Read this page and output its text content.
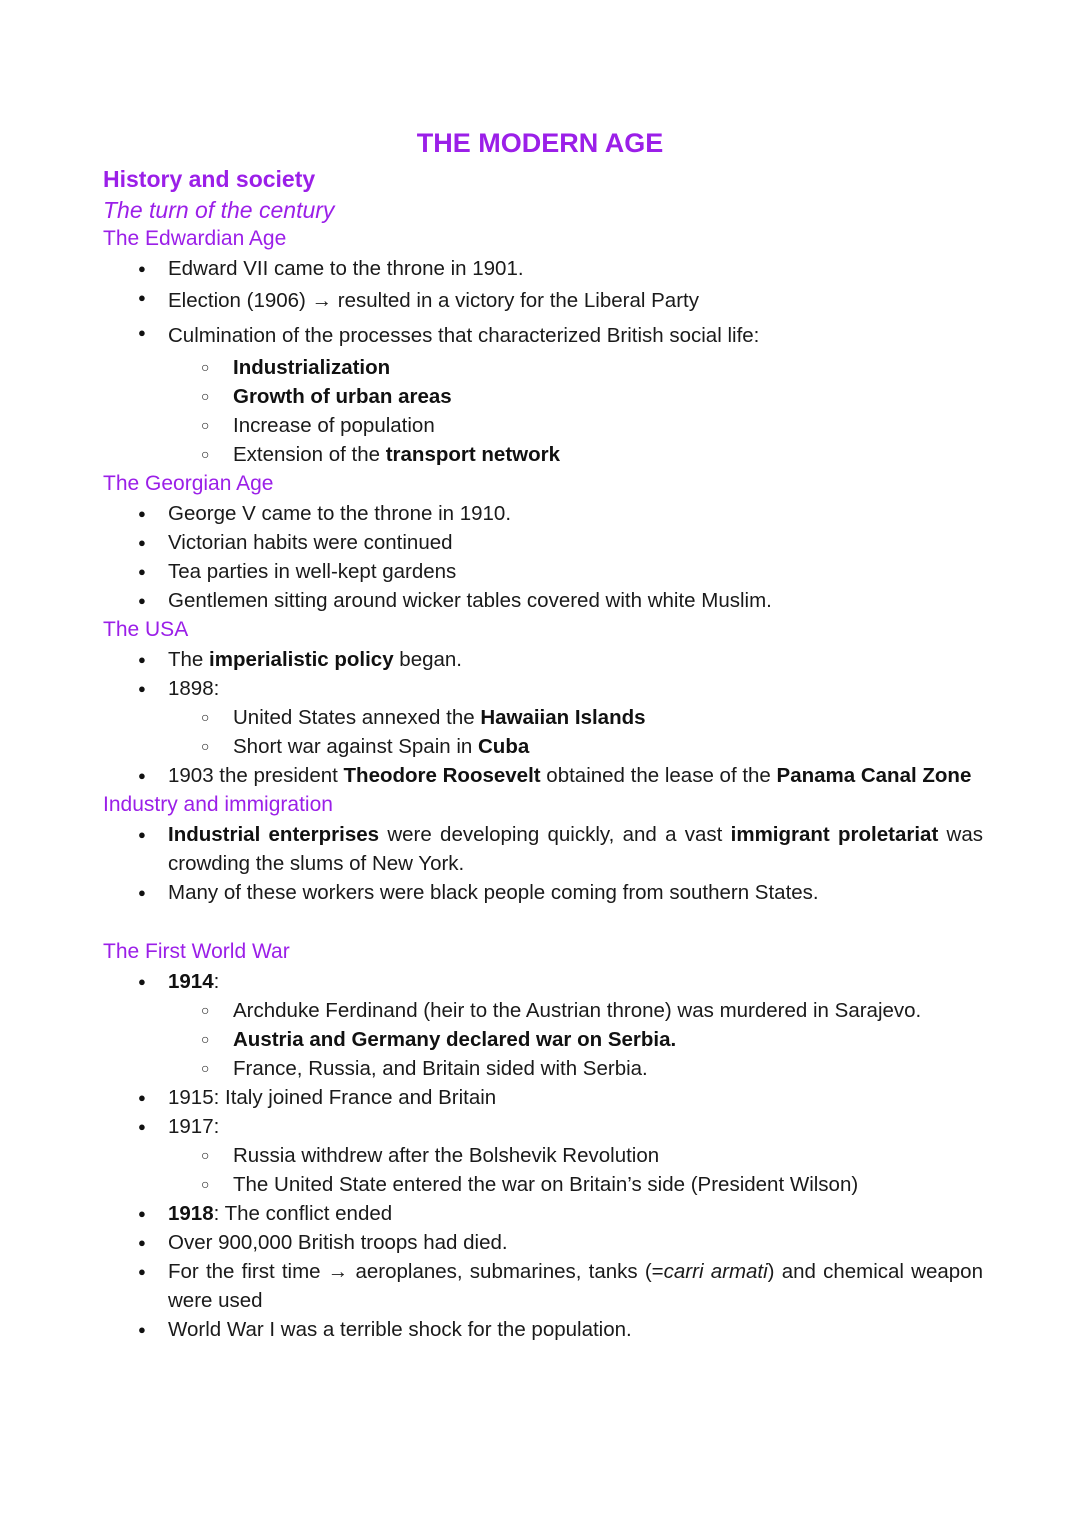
THE MODERN AGE
History and society
The turn of the century
The Edwardian Age
● Edward VII came to the throne in 1901.
● Election (1906) → resulted in a victory for the Liberal Party
● Culmination of the processes that characterized British social life:
○ Industrialization
○ Growth of urban areas
○ Increase of population
○ Extension of the transport network
The Georgian Age
● George V came to the throne in 1910.
● Victorian habits were continued
● Tea parties in well-kept gardens
● Gentlemen sitting around wicker tables covered with white Muslim.
The USA
● The imperialistic policy began.
● 1898:
○ United States annexed the Hawaiian Islands
○ Short war against Spain in Cuba
● 1903 the president Theodore Roosevelt obtained the lease of the Panama Canal Zone
Industry and immigration
● Industrial enterprises were developing quickly, and a vast immigrant proletariat was crowding the slums of New York.
● Many of these workers were black people coming from southern States.
The First World War
● 1914:
○ Archduke Ferdinand (heir to the Austrian throne) was murdered in Sarajevo.
○ Austria and Germany declared war on Serbia.
○ France, Russia, and Britain sided with Serbia.
● 1915: Italy joined France and Britain
● 1917:
○ Russia withdrew after the Bolshevik Revolution
○ The United State entered the war on Britain’s side (President Wilson)
● 1918: The conflict ended
● Over 900,000 British troops had died.
● For the first time → aeroplanes, submarines, tanks (=carri armati) and chemical weapon were used
● World War I was a terrible shock for the population.
